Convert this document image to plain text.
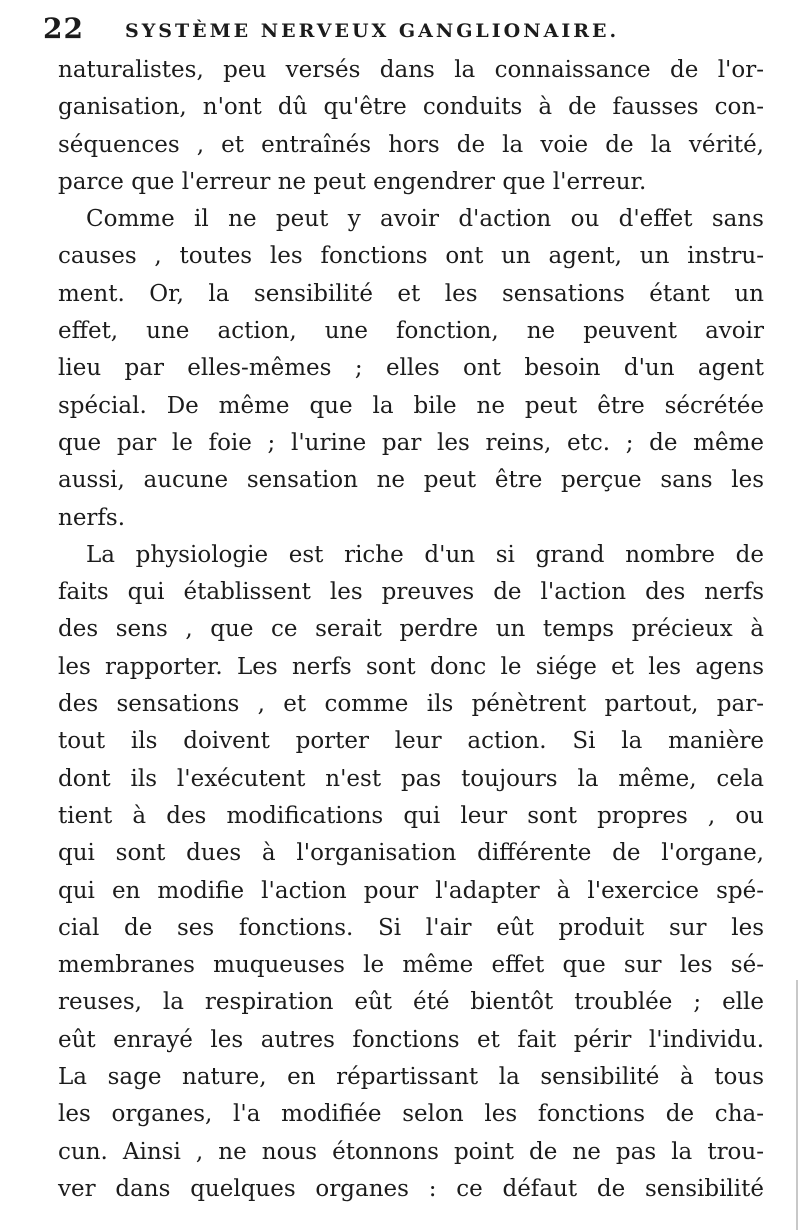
22 SYSTÈME NERVEUX GANGLIONAIRE.
naturalistes, peu versés dans la connaissance de l'or-
ganisation, n'ont dû qu'être conduits à de fausses con-
séquences , et entraînés hors de la voie de la vérité,
parce que l'erreur ne peut engendrer que l'erreur.
Comme il ne peut y avoir d'action ou d'effet sans
causes , toutes les fonctions ont un agent, un instru-
ment. Or, la sensibilité et les sensations étant un
effet, une action, une fonction, ne peuvent avoir
lieu par elles-mêmes ; elles ont besoin d'un agent
spécial. De même que la bile ne peut être sécrétée
que par le foie ; l'urine par les reins, etc. ; de même
aussi, aucune sensation ne peut être perçue sans les
nerfs.
La physiologie est riche d'un si grand nombre de
faits qui établissent les preuves de l'action des nerfs
des sens , que ce serait perdre un temps précieux à
les rapporter. Les nerfs sont donc le siége et les agens
des sensations , et comme ils pénètrent partout, par-
tout ils doivent porter leur action. Si la manière
dont ils l'exécutent n'est pas toujours la même, cela
tient à des modifications qui leur sont propres , ou
qui sont dues à l'organisation différente de l'organe,
qui en modifie l'action pour l'adapter à l'exercice spé-
cial de ses fonctions. Si l'air eût produit sur les
membranes muqueuses le même effet que sur les sé-
reuses, la respiration eût été bientôt troublée ; elle
eût enrayé les autres fonctions et fait périr l'individu.
La sage nature, en répartissant la sensibilité à tous
les organes, l'a modifiée selon les fonctions de cha-
cun. Ainsi , ne nous étonnons point de ne pas la trou-
ver dans quelques organes : ce défaut de sensibilité
